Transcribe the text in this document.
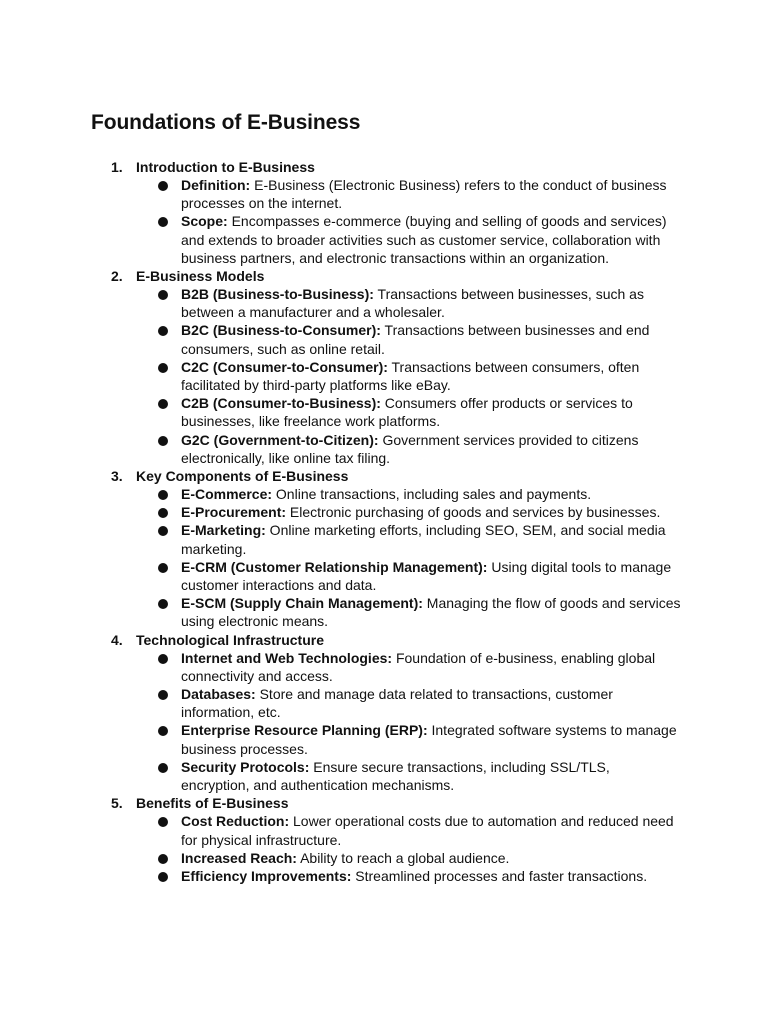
Foundations of E-Business
1. Introduction to E-Business
Definition: E-Business (Electronic Business) refers to the conduct of business processes on the internet.
Scope: Encompasses e-commerce (buying and selling of goods and services) and extends to broader activities such as customer service, collaboration with business partners, and electronic transactions within an organization.
2. E-Business Models
B2B (Business-to-Business): Transactions between businesses, such as between a manufacturer and a wholesaler.
B2C (Business-to-Consumer): Transactions between businesses and end consumers, such as online retail.
C2C (Consumer-to-Consumer): Transactions between consumers, often facilitated by third-party platforms like eBay.
C2B (Consumer-to-Business): Consumers offer products or services to businesses, like freelance work platforms.
G2C (Government-to-Citizen): Government services provided to citizens electronically, like online tax filing.
3. Key Components of E-Business
E-Commerce: Online transactions, including sales and payments.
E-Procurement: Electronic purchasing of goods and services by businesses.
E-Marketing: Online marketing efforts, including SEO, SEM, and social media marketing.
E-CRM (Customer Relationship Management): Using digital tools to manage customer interactions and data.
E-SCM (Supply Chain Management): Managing the flow of goods and services using electronic means.
4. Technological Infrastructure
Internet and Web Technologies: Foundation of e-business, enabling global connectivity and access.
Databases: Store and manage data related to transactions, customer information, etc.
Enterprise Resource Planning (ERP): Integrated software systems to manage business processes.
Security Protocols: Ensure secure transactions, including SSL/TLS, encryption, and authentication mechanisms.
5. Benefits of E-Business
Cost Reduction: Lower operational costs due to automation and reduced need for physical infrastructure.
Increased Reach: Ability to reach a global audience.
Efficiency Improvements: Streamlined processes and faster transactions.
